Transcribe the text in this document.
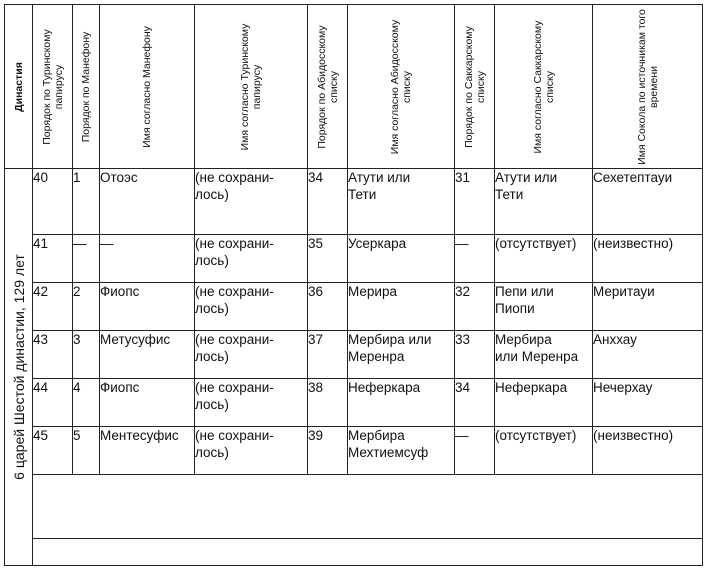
Династия	Порядок по Туринскому папирусу	Порядок по Манефону	Имя согласно Манефону	Имя согласно Туринскому папирусу	Порядок по Абидосскому списку	Имя согласно Абидосскому списку	Порядок по Саккарскому списку	Имя согласно Саккарскому списку	Имя Сокола по источникам того времени

6 царей Шестой династии, 129 лет	40	1	Отоэс	(не сохрани-
лось)	34	Атути или
Тети	31	Атути или
Тети	Сехетептауи
	41	—	—	(не сохрани-
лось)	35	Усеркара	—	(отсутствует)	(неизвестно)
	42	2	Фиопс	(не сохрани-
лось)	36	Мерира	32	Пепи или
Пиопи	Меритауи
	43	3	Метусуфис	(не сохрани-
лось)	37	Мербира или
Меренра	33	Мербира
или Меренра	Анххау
	44	4	Фиопс	(не сохрани-
лось)	38	Неферкара	34	Неферкара	Нечерхау
	45	5	Ментесуфис	(не сохрани-
лось)	39	Мербира
Мехтиемсуф	—	(отсутствует)	(неизвестно)
